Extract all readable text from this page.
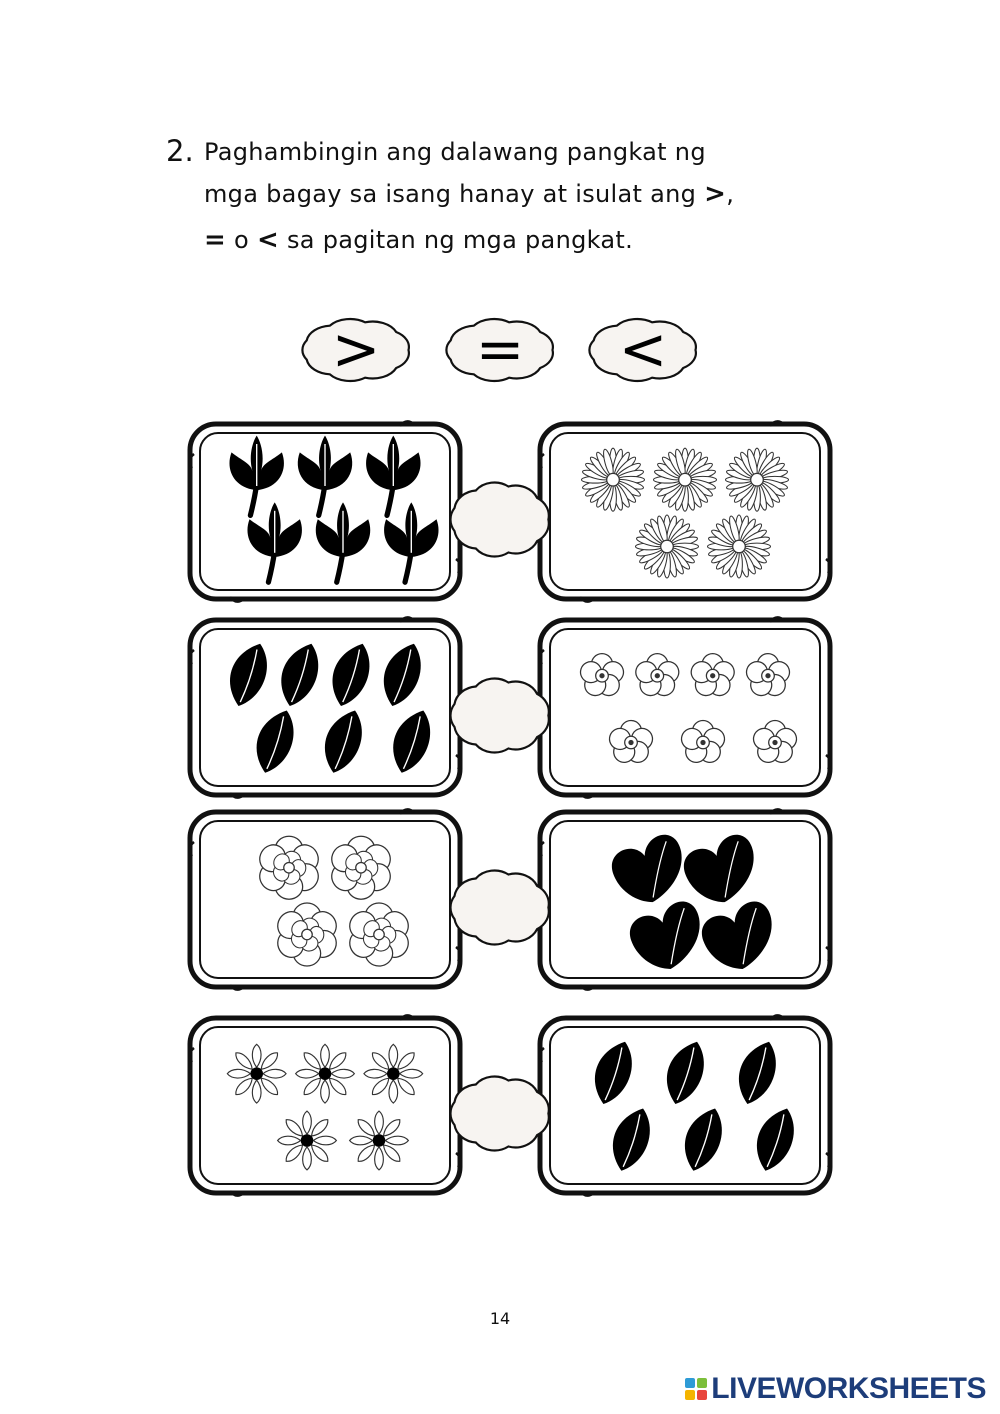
2. Paghambingin ang dalawang pangkat ng
mga bagay sa isang hanay at isulat ang >,
= o < sa pagitan ng mga pangkat.
> = <
14
LIVEWORKSHEETS
